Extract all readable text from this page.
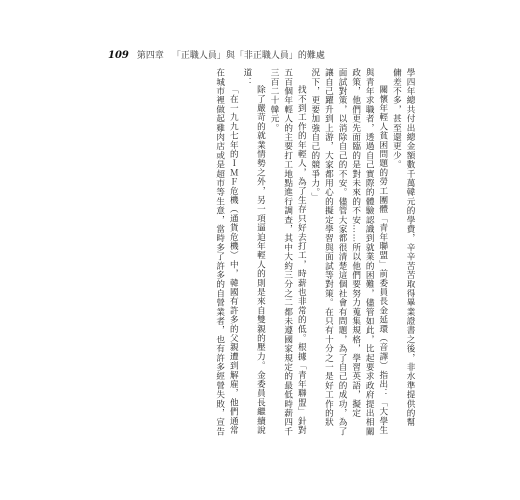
109 第四章 「正職人員」與「非正職人員」的難處

學四年總共付出總金額數千萬韓元的學費，辛辛苦苦取得畢業證書之後，非水準提供的幫

傭差不多，甚至還更少。

關懷年輕人貧困問題的勞工團體「青年聯盟」前委員長金延環（音譯）指出：「大學生

與青年求職者，透過自己實際的體驗認識到就業的困難，儘管如此，比起要求政府提出相關

政策，他們更先面臨的是對未來的不安……所以他們要努力蒐集規格，學習英語，擬定

面試對策，以消除自己的不安。儘管大家都很清楚這個社會有問題，為了自己的成功，為了

讓自己躍升到上游，大家都用心的擬定學習與面試等對策。在只有十分之一是好工作的狀

況下，更要加強自己的競爭力。」

找不到工作的年輕人，為了生存只好去打工，時薪也非常的低。根據「青年聯盟」針對

五百個年輕人的主要打工地點進行調查，其中大約三分之二都未遵國家規定的最低時薪四千

三百二十韓元。

除了嚴苛的就業情勢之外，另一項逼迫年輕人的則是來自雙親的壓力。金委員長繼續說

道：

「在一九九七年的ＩＭＦ危機（通貨危機）中，韓國有許多的父親遭到解雇，他們通常

在城市裡做起雞肉店或是超市等生意，當時多了許多的自營業者，也有許多經營失敗，宣告
